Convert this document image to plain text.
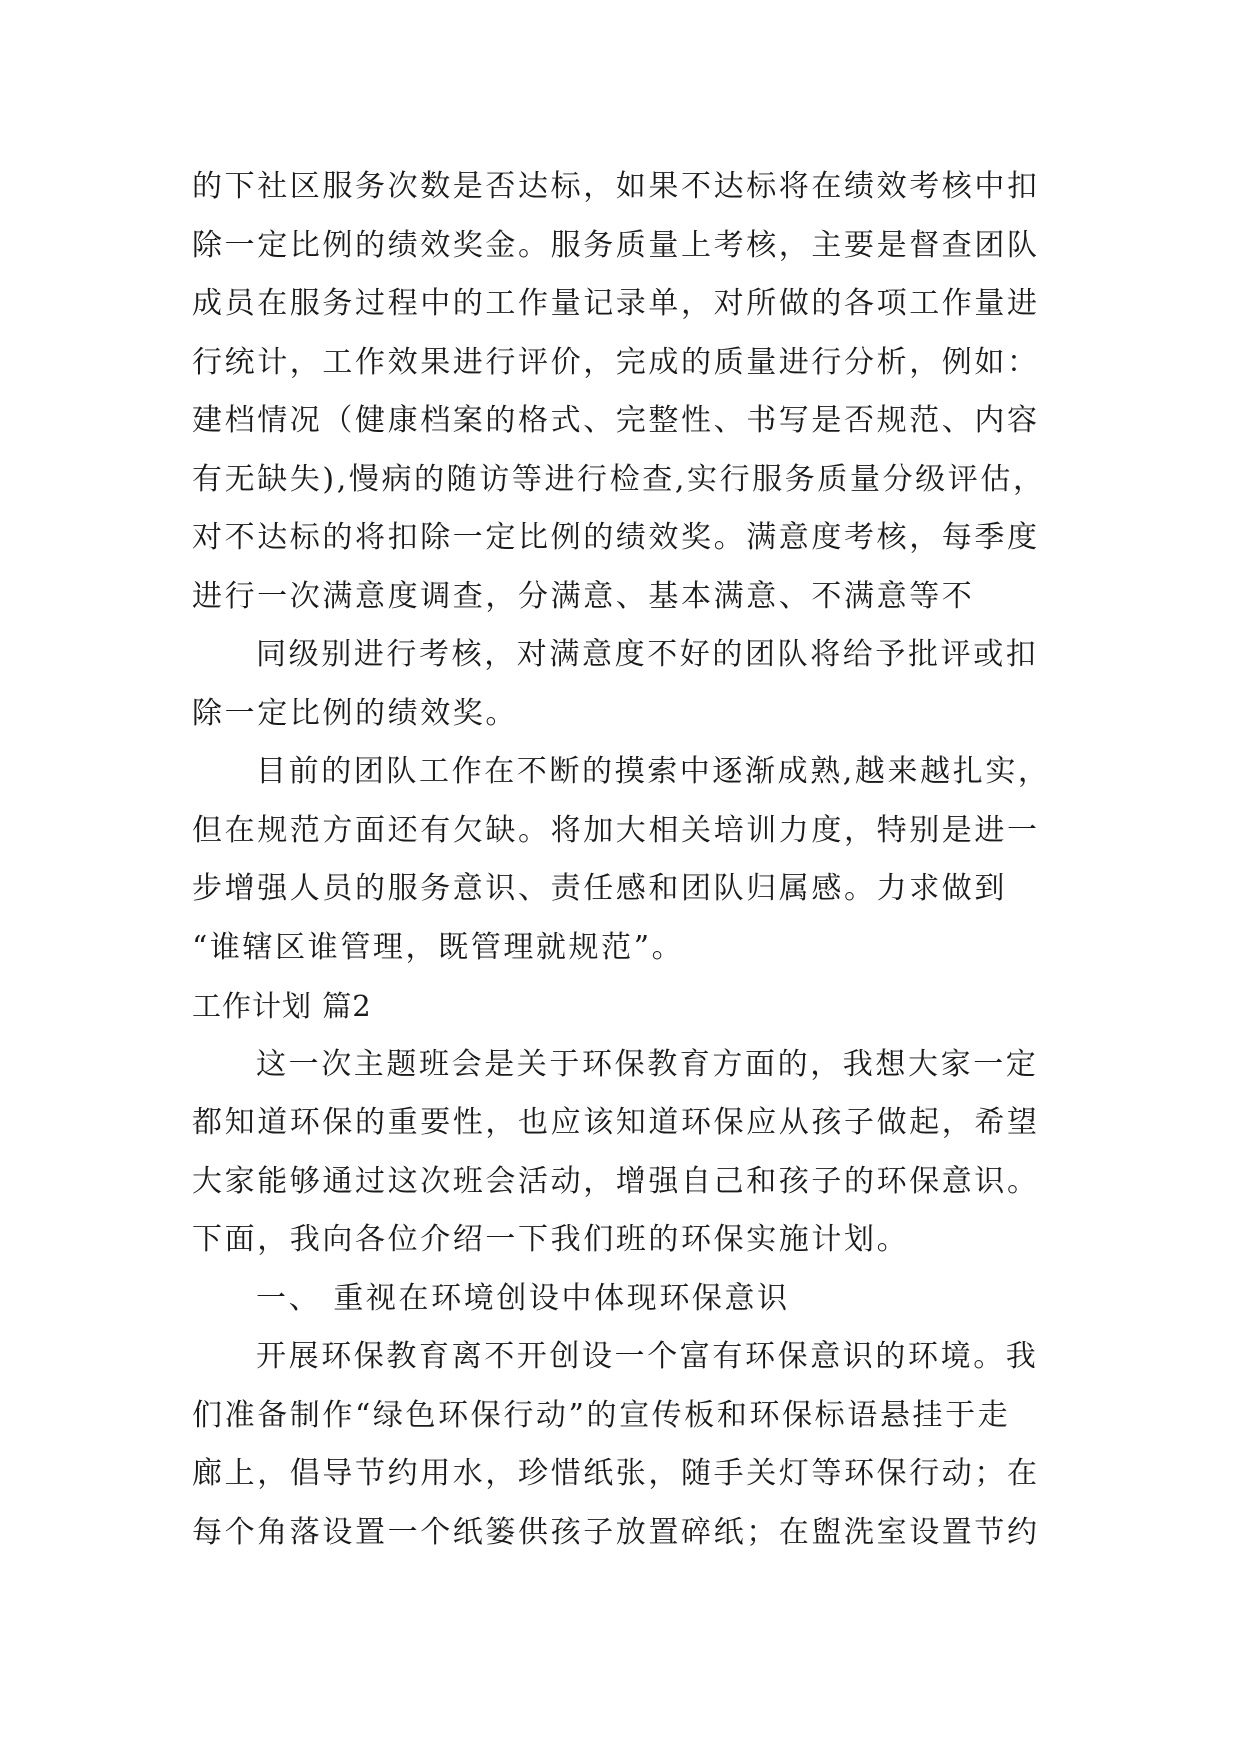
的下社区服务次数是否达标，如果不达标将在绩效考核中扣
除一定比例的绩效奖金。服务质量上考核，主要是督查团队
成员在服务过程中的工作量记录单，对所做的各项工作量进
行统计，工作效果进行评价，完成的质量进行分析，例如：
建档情况（健康档案的格式、完整性、书写是否规范、内容
有无缺失),慢病的随访等进行检查,实行服务质量分级评估，
对不达标的将扣除一定比例的绩效奖。满意度考核，每季度
进行一次满意度调查，分满意、基本满意、不满意等不
同级别进行考核，对满意度不好的团队将给予批评或扣
除一定比例的绩效奖。
目前的团队工作在不断的摸索中逐渐成熟,越来越扎实，
但在规范方面还有欠缺。将加大相关培训力度，特别是进一
步增强人员的服务意识、责任感和团队归属感。力求做到
“谁辖区谁管理，既管理就规范”。
工作计划 篇2
这一次主题班会是关于环保教育方面的，我想大家一定
都知道环保的重要性，也应该知道环保应从孩子做起，希望
大家能够通过这次班会活动，增强自己和孩子的环保意识。
下面，我向各位介绍一下我们班的环保实施计划。
一、 重视在环境创设中体现环保意识
开展环保教育离不开创设一个富有环保意识的环境。我
们准备制作“绿色环保行动”的宣传板和环保标语悬挂于走
廊上，倡导节约用水，珍惜纸张，随手关灯等环保行动；在
每个角落设置一个纸篓供孩子放置碎纸；在盥洗室设置节约
